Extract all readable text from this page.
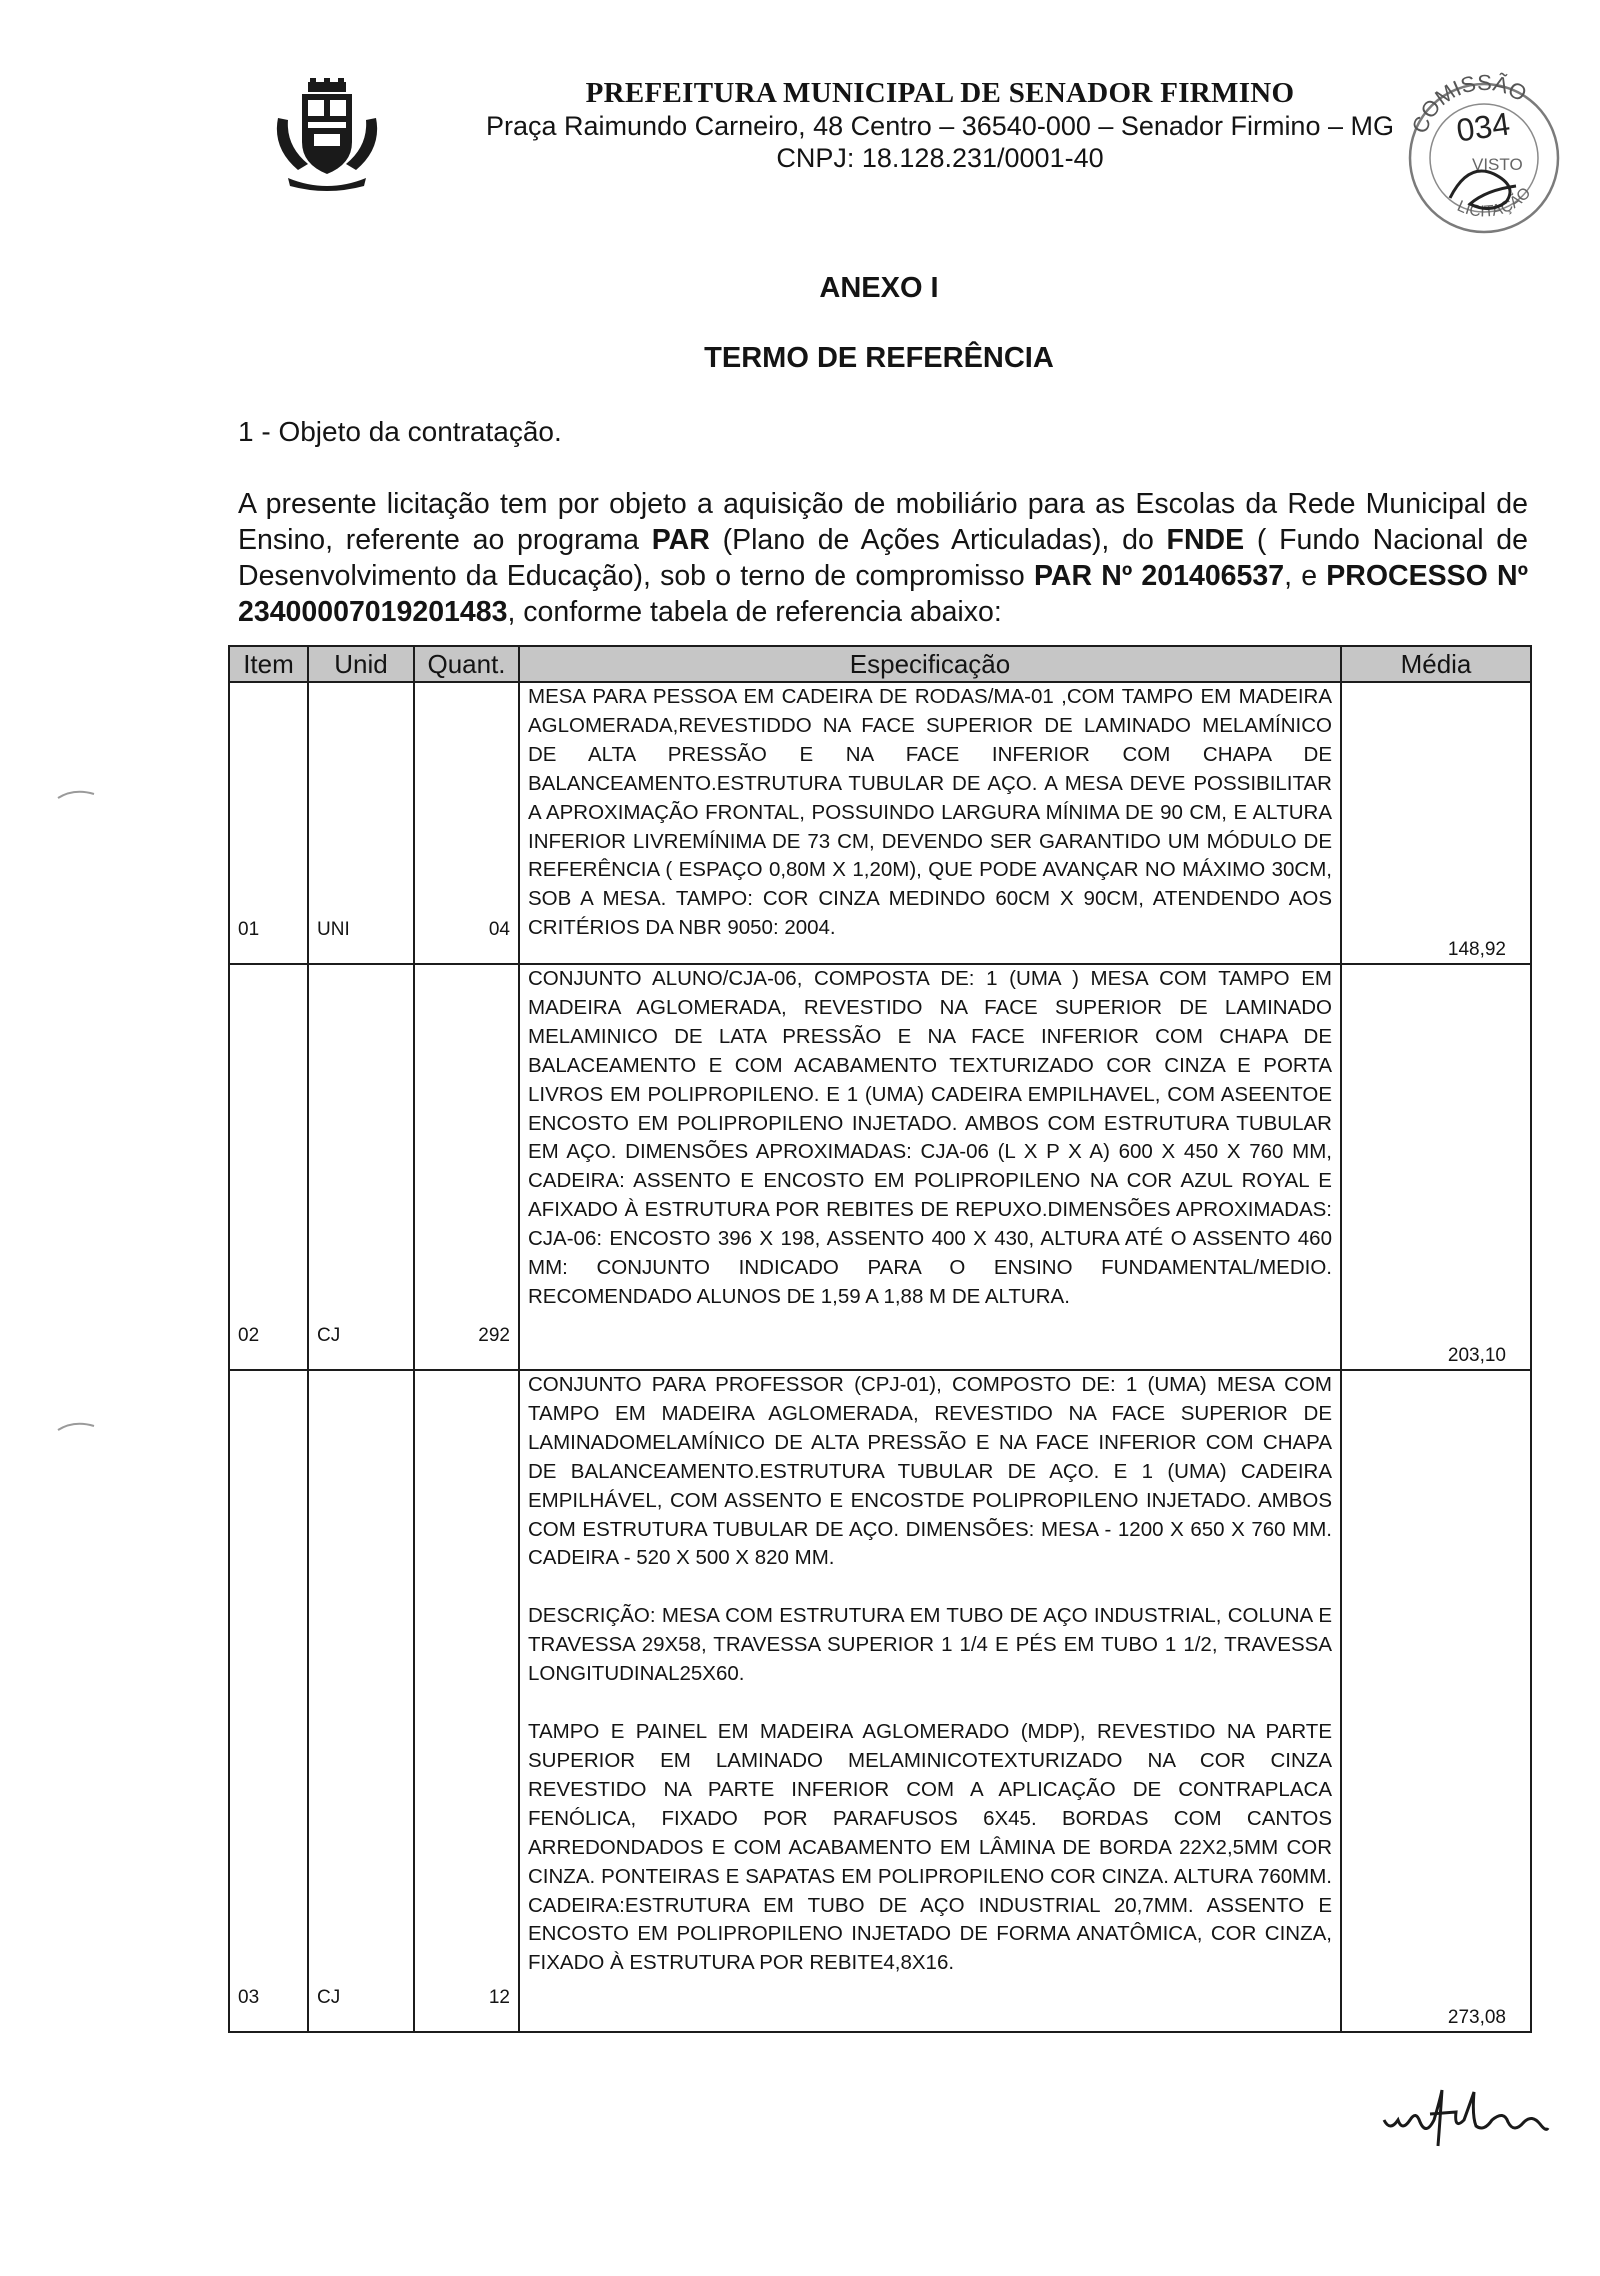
PREFEITURA MUNICIPAL DE SENADOR FIRMINO
Praça Raimundo Carneiro, 48 Centro – 36540-000 – Senador Firmino – MG
CNPJ: 18.128.231/0001-40
COMISSÃO
LICITAÇÃO
VISTO
034
ANEXO I
TERMO DE REFERÊNCIA
1 - Objeto da contratação.
A presente licitação tem por objeto a aquisição de mobiliário para as Escolas da Rede Municipal de Ensino, referente ao programa PAR (Plano de Ações Articuladas), do FNDE ( Fundo Nacional de Desenvolvimento da Educação), sob o terno de compromisso PAR Nº 201406537, e PROCESSO Nº 23400007019201483, conforme tabela de referencia abaixo:
Item	Unid	Quant.	Especificação	Média
01	UNI	04	MESA PARA PESSOA EM CADEIRA DE RODAS/MA-01 ,COM TAMPO EM MADEIRA AGLOMERADA,REVESTIDDO NA FACE SUPERIOR DE LAMINADO MELAMÍNICO DE ALTA PRESSÃO E NA FACE INFERIOR COM CHAPA DE BALANCEAMENTO.ESTRUTURA TUBULAR DE AÇO. A MESA DEVE POSSIBILITAR A APROXIMAÇÃO FRONTAL, POSSUINDO LARGURA MÍNIMA DE 90 CM, E ALTURA INFERIOR LIVREMÍNIMA DE 73 CM, DEVENDO SER GARANTIDO UM MÓDULO DE REFERÊNCIA ( ESPAÇO 0,80M X 1,20M), QUE PODE AVANÇAR NO MÁXIMO 30CM, SOB A MESA. TAMPO: COR CINZA MEDINDO 60CM X 90CM, ATENDENDO AOS CRITÉRIOS DA NBR 9050: 2004.	148,92
02	CJ	292	CONJUNTO ALUNO/CJA-06, COMPOSTA DE: 1 (UMA ) MESA COM TAMPO EM MADEIRA AGLOMERADA, REVESTIDO NA FACE SUPERIOR DE LAMINADO MELAMINICO DE LATA PRESSÃO E NA FACE INFERIOR COM CHAPA DE BALACEAMENTO E COM ACABAMENTO TEXTURIZADO COR CINZA E PORTA LIVROS EM POLIPROPILENO. E 1 (UMA) CADEIRA EMPILHAVEL, COM ASEENTOE ENCOSTO EM POLIPROPILENO INJETADO. AMBOS COM ESTRUTURA TUBULAR EM AÇO. DIMENSÕES APROXIMADAS: CJA-06 (L X P X A) 600 X 450 X 760 MM, CADEIRA: ASSENTO E ENCOSTO EM POLIPROPILENO NA COR AZUL ROYAL E AFIXADO À ESTRUTURA POR REBITES DE REPUXO.DIMENSÕES APROXIMADAS: CJA-06: ENCOSTO 396 X 198, ASSENTO 400 X 430, ALTURA ATÉ O ASSENTO 460 MM: CONJUNTO INDICADO PARA O ENSINO FUNDAMENTAL/MEDIO. RECOMENDADO ALUNOS DE 1,59 A 1,88 M DE ALTURA.	203,10
03	CJ	12	CONJUNTO PARA PROFESSOR (CPJ-01), COMPOSTO DE: 1 (UMA) MESA COM TAMPO EM MADEIRA AGLOMERADA, REVESTIDO NA FACE SUPERIOR DE LAMINADOMELAMÍNICO DE ALTA PRESSÃO E NA FACE INFERIOR COM CHAPA DE BALANCEAMENTO.ESTRUTURA TUBULAR DE AÇO. E 1 (UMA) CADEIRA EMPILHÁVEL, COM ASSENTO E ENCOSTDE POLIPROPILENO INJETADO. AMBOS COM ESTRUTURA TUBULAR DE AÇO. DIMENSÕES: MESA - 1200 X 650 X 760 MM. CADEIRA - 520 X 500 X 820 MM.

DESCRIÇÃO: MESA COM ESTRUTURA EM TUBO DE AÇO INDUSTRIAL, COLUNA E TRAVESSA 29X58, TRAVESSA SUPERIOR 1 1/4 E PÉS EM TUBO 1 1/2, TRAVESSA LONGITUDINAL25X60.

TAMPO E PAINEL EM MADEIRA AGLOMERADO (MDP), REVESTIDO NA PARTE SUPERIOR EM LAMINADO MELAMINICOTEXTURIZADO NA COR CINZA REVESTIDO NA PARTE INFERIOR COM A APLICAÇÃO DE CONTRAPLACA FENÓLICA, FIXADO POR PARAFUSOS 6X45. BORDAS COM CANTOS ARREDONDADOS E COM ACABAMENTO EM LÂMINA DE BORDA 22X2,5MM COR CINZA. PONTEIRAS E SAPATAS EM POLIPROPILENO COR CINZA. ALTURA 760MM. CADEIRA:ESTRUTURA EM TUBO DE AÇO INDUSTRIAL 20,7MM. ASSENTO E ENCOSTO EM POLIPROPILENO INJETADO DE FORMA ANATÔMICA, COR CINZA, FIXADO À ESTRUTURA POR REBITE4,8X16.	273,08
